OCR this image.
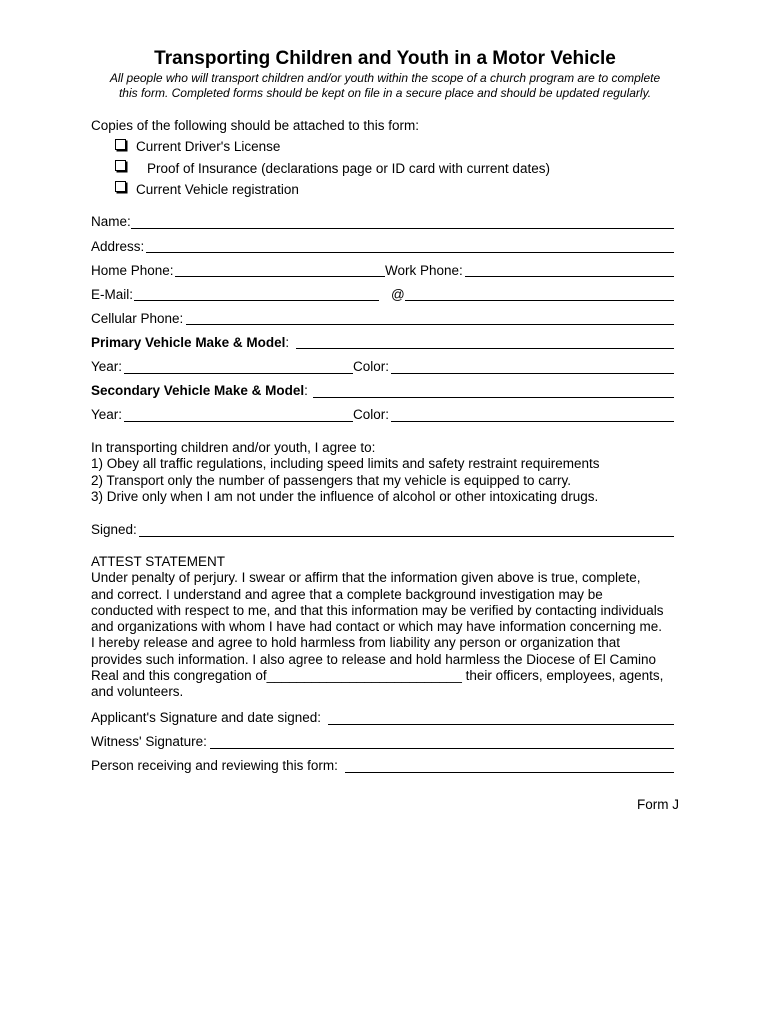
Transporting Children and Youth in a Motor Vehicle
All people who will transport children and/or youth within the scope of a church program are to complete
this form. Completed forms should be kept on file in a secure place and should be updated regularly.
Copies of the following should be attached to this form:
Current Driver's License
Proof of Insurance (declarations page or ID card with current dates)
Current Vehicle registration
Name:
Address:
Home Phone:	Work Phone:
E-Mail:	@
Cellular Phone:
Primary Vehicle Make & Model:
Year:	Color:
Secondary Vehicle Make & Model:
Year:	Color:
In transporting children and/or youth, I agree to:
1) Obey all traffic regulations, including speed limits and safety restraint requirements
2) Transport only the number of passengers that my vehicle is equipped to carry.
3) Drive only when I am not under the influence of alcohol or other intoxicating drugs.
Signed:
ATTEST STATEMENT
Under penalty of perjury. I swear or affirm that the information given above is true, complete,
and correct. I understand and agree that a complete background investigation may be
conducted with respect to me, and that this information may be verified by contacting individuals
and organizations with whom I have had contact or which may have information concerning me.
I hereby release and agree to hold harmless from liability any person or organization that
provides such information. I also agree to release and hold harmless the Diocese of El Camino
Real and this congregation of__________________________ their officers, employees, agents,
and volunteers.
Applicant's Signature and date signed:
Witness' Signature:
Person receiving and reviewing this form:
Form J
